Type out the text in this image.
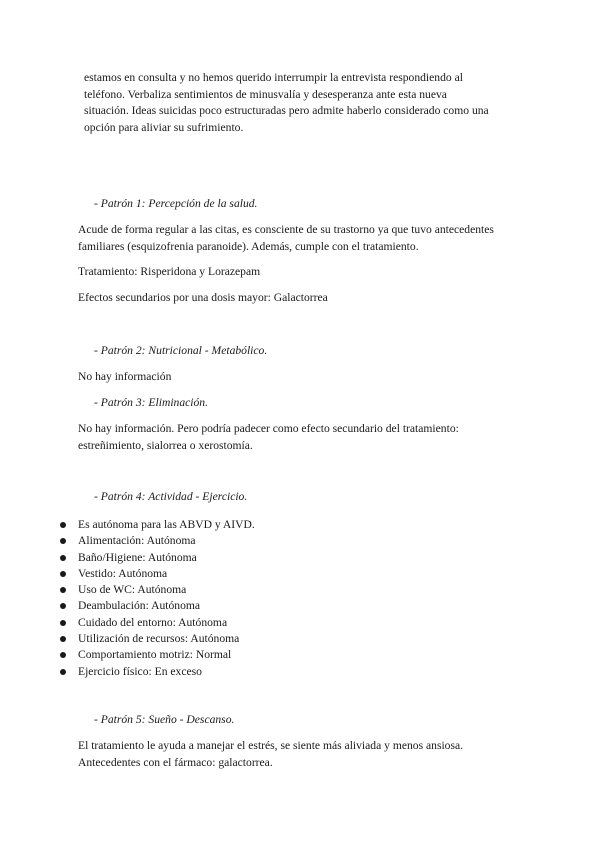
estamos en consulta y no hemos querido interrumpir la entrevista respondiendo al

teléfono. Verbaliza sentimientos de minusvalía y desesperanza ante esta nueva

situación. Ideas suicidas poco estructuradas pero admite haberlo considerado como una

opción para aliviar su sufrimiento.

- Patrón 1: Percepción de la salud.

Acude de forma regular a las citas, es consciente de su trastorno ya que tuvo antecedentes

familiares (esquizofrenia paranoide). Además, cumple con el tratamiento.

Tratamiento: Risperidona y Lorazepam

Efectos secundarios por una dosis mayor: Galactorrea

- Patrón 2: Nutricional - Metabólico.

No hay información

- Patrón 3: Eliminación.

No hay información. Pero podría padecer como efecto secundario del tratamiento:

estreñimiento, sialorrea o xerostomía.

- Patrón 4: Actividad - Ejercicio.
Es autónoma para las ABVD y AIVD.
Alimentación: Autónoma
Baño/Higiene: Autónoma
Vestido: Autónoma
Uso de WC: Autónoma
Deambulación: Autónoma
Cuidado del entorno: Autónoma
Utilización de recursos: Autónoma
Comportamiento motriz: Normal
Ejercicio físico: En exceso
- Patrón 5: Sueño - Descanso.

El tratamiento le ayuda a manejar el estrés, se siente más aliviada y menos ansiosa.

Antecedentes con el fármaco: galactorrea.
